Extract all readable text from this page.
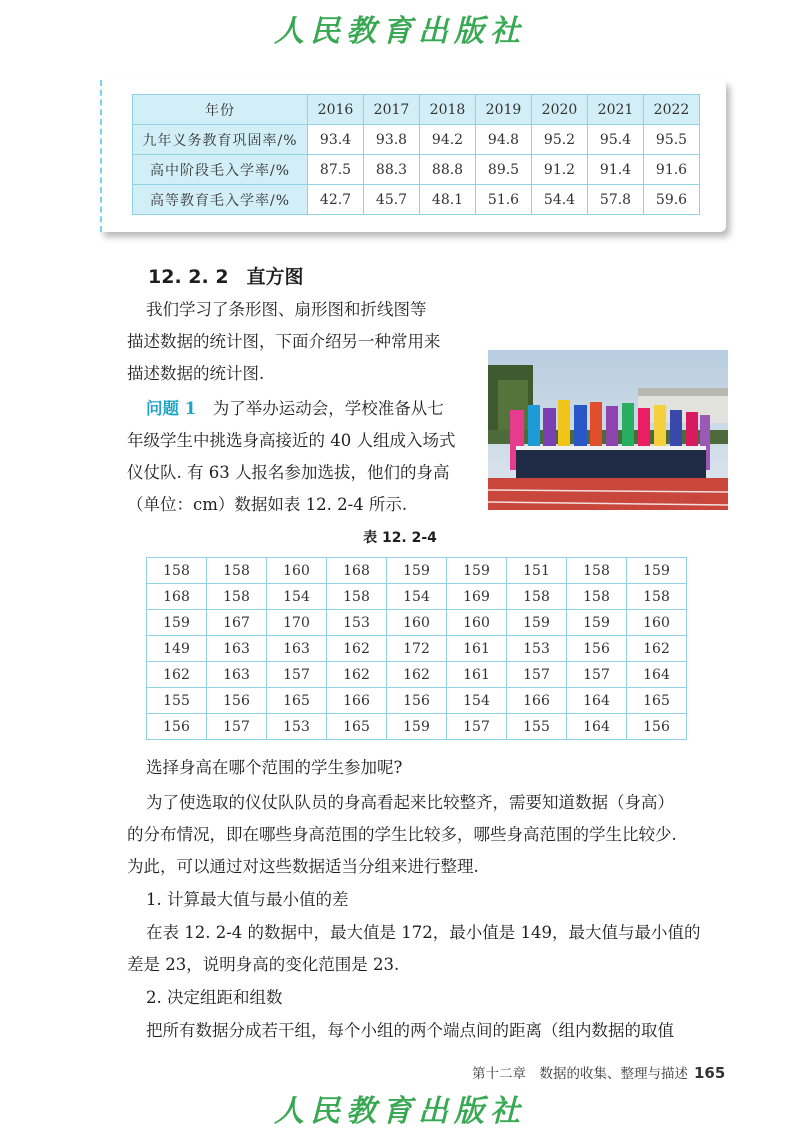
人民教育出版社
年份	2016	2017	2018	2019	2020	2021	2022
九年义务教育巩固率/%	93.4	93.8	94.2	94.8	95.2	95.4	95.5
高中阶段毛入学率/%	87.5	88.3	88.8	89.5	91.2	91.4	91.6
高等教育毛入学率/%	42.7	45.7	48.1	51.6	54.4	57.8	59.6
12. 2. 2 直方图
我们学习了条形图、扇形图和折线图等
描述数据的统计图，下面介绍另一种常用来
描述数据的统计图.
问题 1　 为了举办运动会，学校准备从七
年级学生中挑选身高接近的 40 人组成入场式
仪仗队. 有 63 人报名参加选拔，他们的身高
（单位：cm）数据如表 12. 2-4 所示.
表 12. 2-4
158	158	160	168	159	159	151	158	159
168	158	154	158	154	169	158	158	158
159	167	170	153	160	160	159	159	160
149	163	163	162	172	161	153	156	162
162	163	157	162	162	161	157	157	164
155	156	165	166	156	154	166	164	165
156	157	153	165	159	157	155	164	156
选择身高在哪个范围的学生参加呢?
为了使选取的仪仗队队员的身高看起来比较整齐，需要知道数据（身高）
的分布情况，即在哪些身高范围的学生比较多，哪些身高范围的学生比较少.
为此，可以通过对这些数据适当分组来进行整理.
1. 计算最大值与最小值的差
在表 12. 2-4 的数据中，最大值是 172，最小值是 149，最大值与最小值的
差是 23，说明身高的变化范围是 23.
2. 决定组距和组数
把所有数据分成若干组，每个小组的两个端点间的距离（组内数据的取值
第十二章　数据的收集、整理与描述 165
人民教育出版社
